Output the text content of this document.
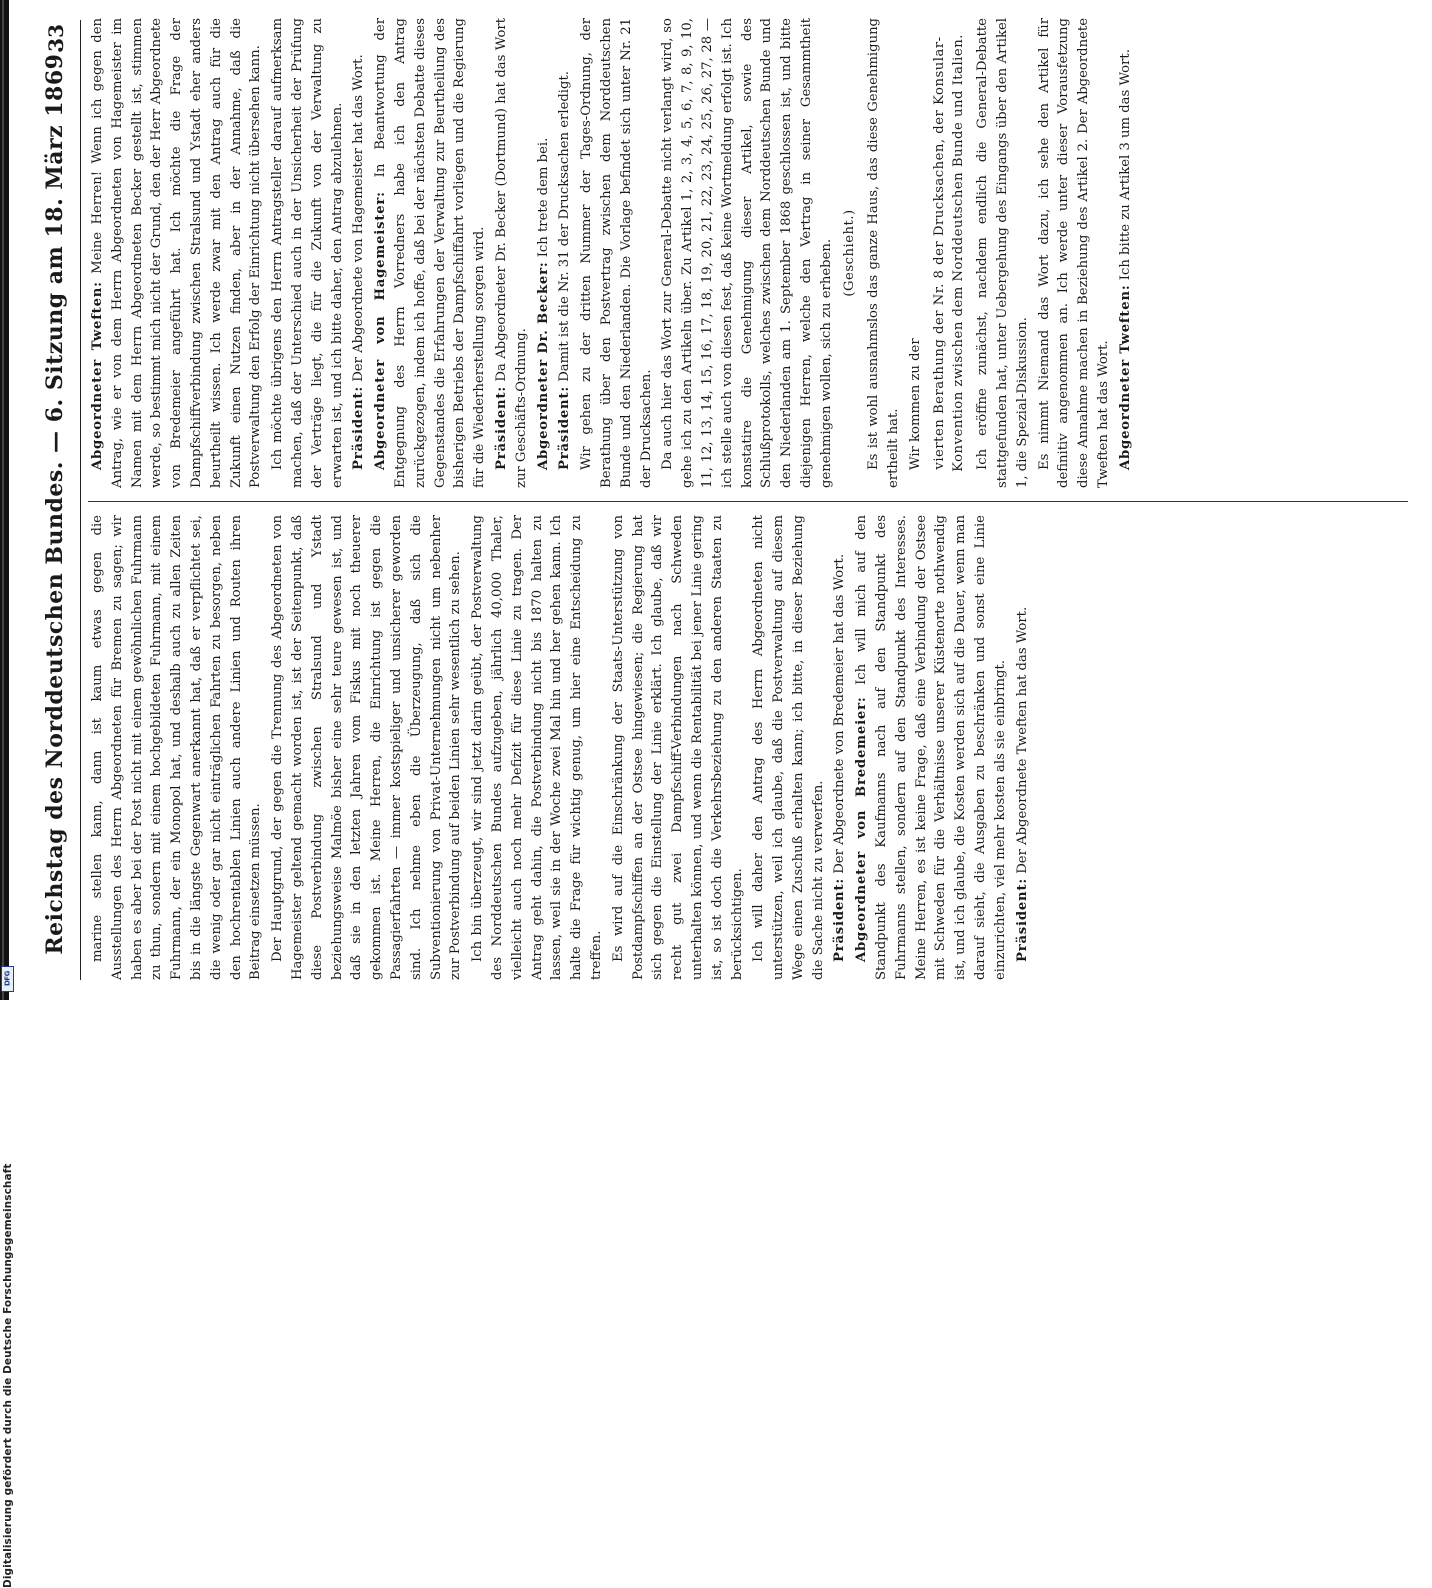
Digitalisierung gefördert durch die Deutsche Forschungsgemeinschaft
DFG
Reichstag des Norddeutschen Bundes. — 6. Sitzung am 18. März 1869.
33

marine stellen kann, dann ist kaum etwas gegen die Ausstellungen des Herrn Abgeordneten für Bremen zu sagen; wir haben es aber bei der Post nicht mit einem gewöhnlichen Fuhrmann zu thun, sondern mit einem hochgebildeten Fuhrmann, mit einem Fuhrmann, der ein Monopol hat, und deshalb auch zu allen Zeiten bis in die längste Gegenwart anerkannt hat, daß er verpflichtet sei, die wenig oder gar nicht einträglichen Fahrten zu besorgen, neben den hochrentablen Linien auch andere Linien und Routen ihren Beitrag einsetzen müssen. Der Hauptgrund, der gegen die Trennung des Abgeordneten von Hagemeister geltend gemacht worden ist, ist der Seitenpunkt, daß diese Postverbindung zwischen Stralsund und Ystadt beziehungsweise Malmöe bisher eine sehr teure gewesen ist, und daß sie in den letzten Jahren vom Fiskus mit noch theuerer gekommen ist. Meine Herren, die Einrichtung ist gegen die Passagierfahrten — immer kostspieliger und unsicherer geworden sind. Ich nehme eben die Überzeugung, daß sich die Subventionierung von Privat-Unternehmungen nicht um nebenher zur Postverbindung auf beiden Linien sehr wesentlich zu sehen. Ich bin überzeugt, wir sind jetzt darin geübt, der Postverwaltung des Norddeutschen Bundes aufzugeben, jährlich 40,000 Thaler, vielleicht auch noch mehr Defizit für diese Linie zu tragen. Der Antrag geht dahin, die Postverbindung nicht bis 1870 halten zu lassen, weil sie in der Woche zwei Mal hin und her gehen kann. Ich halte die Frage für wichtig genug, um hier eine Entscheidung zu treffen. Es wird auf die Einschränkung der Staats-Unterstützung von Postdampfschiffen an der Ostsee hingewiesen; die Regierung hat sich gegen die Einstellung der Linie erklärt. Ich glaube, daß wir recht gut zwei Dampfschiff-Verbindungen nach Schweden unterhalten können, und wenn die Rentabilität bei jener Linie gering ist, so ist doch die Verkehrsbeziehung zu den anderen Staaten zu berücksichtigen. Ich will daher den Antrag des Herrn Abgeordneten nicht unterstützen, weil ich glaube, daß die Postverwaltung auf diesem Wege einen Zuschuß erhalten kann; ich bitte, in dieser Beziehung die Sache nicht zu verwerfen. Präsident: Der Abgeordnete von Bredemeier hat das Wort. Abgeordneter von Bredemeier: Ich will mich auf den Standpunkt des Kaufmanns nach auf den Standpunkt des Fuhrmanns stellen, sondern auf den Standpunkt des Interesses. Meine Herren, es ist keine Frage, daß eine Verbindung der Ostsee mit Schweden für die Verhältnisse unserer Küstenorte nothwendig ist, und ich glaube, die Kosten werden sich auf die Dauer, wenn man darauf sieht, die Ausgaben zu beschränken und sonst eine Linie einzurichten, viel mehr kosten als sie einbringt. Präsident: Der Abgeordnete Tweften hat das Wort.

Abgeordneter Tweften: Meine Herren! Wenn ich gegen den Antrag, wie er von dem Herrn Abgeordneten von Hagemeister im Namen mit dem Herrn Abgeordneten Becker gestellt ist, stimmen werde, so bestimmt mich nicht der Grund, den der Herr Abgeordnete von Bredemeier angeführt hat. Ich möchte die Frage der Dampfschiffverbindung zwischen Stralsund und Ystadt eher anders beurtheilt wissen. Ich werde zwar mit den Antrag auch für die Zukunft einen Nutzen finden, aber in der Annahme, daß die Postverwaltung den Erfolg der Einrichtung nicht übersehen kann. Ich möchte übrigens den Herrn Antragsteller darauf aufmerksam machen, daß der Unterschied auch in der Unsicherheit der Prüfung der Verträge liegt, die für die Zukunft von der Verwaltung zu erwarten ist, und ich bitte daher, den Antrag abzulehnen. Präsident: Der Abgeordnete von Hagemeister hat das Wort. Abgeordneter von Hagemeister: In Beantwortung der Entgegnung des Herrn Vorredners habe ich den Antrag zurückgezogen, indem ich hoffe, daß bei der nächsten Debatte dieses Gegenstandes die Erfahrungen der Verwaltung zur Beurtheilung des bisherigen Betriebs der Dampfschiffahrt vorliegen und die Regierung für die Wiederherstellung sorgen wird. Präsident: Da Abgeordneter Dr. Becker (Dortmund) hat das Wort zur Geschäfts-Ordnung. Abgeordneter Dr. Becker: Ich trete dem bei.

Präsident: Damit ist die Nr. 31 der Drucksachen erledigt. Wir gehen zu der dritten Nummer der Tages-Ordnung, der Berathung über den Postvertrag zwischen dem Norddeutschen Bunde und den Niederlanden. Die Vorlage befindet sich unter Nr. 21 der Drucksachen. Da auch hier das Wort zur General-Debatte nicht verlangt wird, so gehe ich zu den Artikeln über. Zu Artikel 1, 2, 3, 4, 5, 6, 7, 8, 9, 10, 11, 12, 13, 14, 15, 16, 17, 18, 19, 20, 21, 22, 23, 24, 25, 26, 27, 28 — ich stelle auch von diesen fest, daß keine Wortmeldung erfolgt ist. Ich konstatire die Genehmigung dieser Artikel, sowie des Schlußprotokolls, welches zwischen dem Norddeutschen Bunde und den Niederlanden am 1. September 1868 geschlossen ist, und bitte diejenigen Herren, welche den Vertrag in seiner Gesammtheit genehmigen wollen, sich zu erheben. (Geschieht.) Es ist wohl ausnahmslos das ganze Haus, das diese Genehmigung ertheilt hat. Wir kommen zu der vierten Berathung der Nr. 8 der Drucksachen, der Konsular-Konvention zwischen dem Norddeutschen Bunde und Italien. Ich eröffne zunächst, nachdem endlich die General-Debatte stattgefunden hat, unter Uebergehung des Eingangs über den Artikel 1, die Spezial-Diskussion. Es nimmt Niemand das Wort dazu, ich sehe den Artikel für definitiv angenommen an. Ich werde unter dieser Vorausfetzung diese Annahme machen in Beziehung des Artikel 2. Der Abgeordnete Tweften hat das Wort. Abgeordneter Tweften: Ich bitte zu Artikel 3 um das Wort.
